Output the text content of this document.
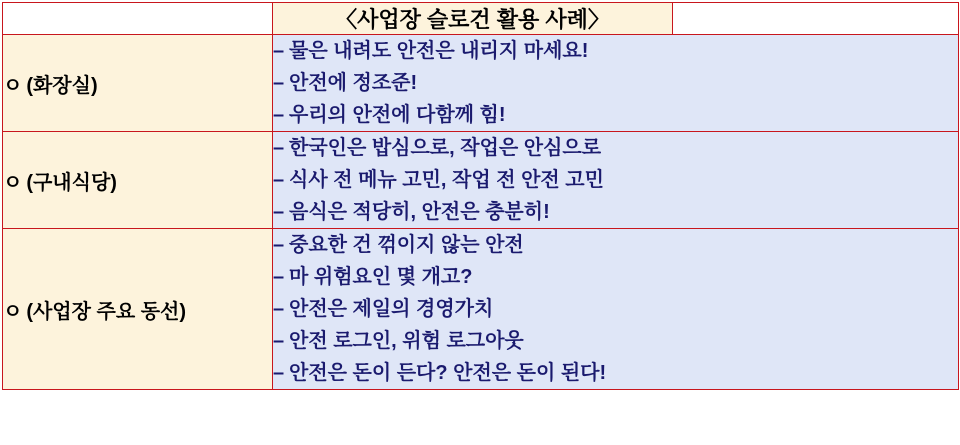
	〈사업장 슬로건 활용 사례〉	
ㅇ (화장실)	– 물은 내려도 안전은 내리지 마세요!
– 안전에 정조준!
– 우리의 안전에 다함께 힘!	

ㅇ (구내식당)	– 한국인은 밥심으로, 작업은 안심으로
– 식사 전 메뉴 고민, 작업 전 안전 고민
– 음식은 적당히, 안전은 충분히!	

ㅇ (사업장 주요 동선)	– 중요한 건 꺾이지 않는 안전
– 마 위험요인 몇 개고?
– 안전은 제일의 경영가치
– 안전 로그인, 위험 로그아웃
– 안전은 돈이 든다? 안전은 돈이 된다!	
